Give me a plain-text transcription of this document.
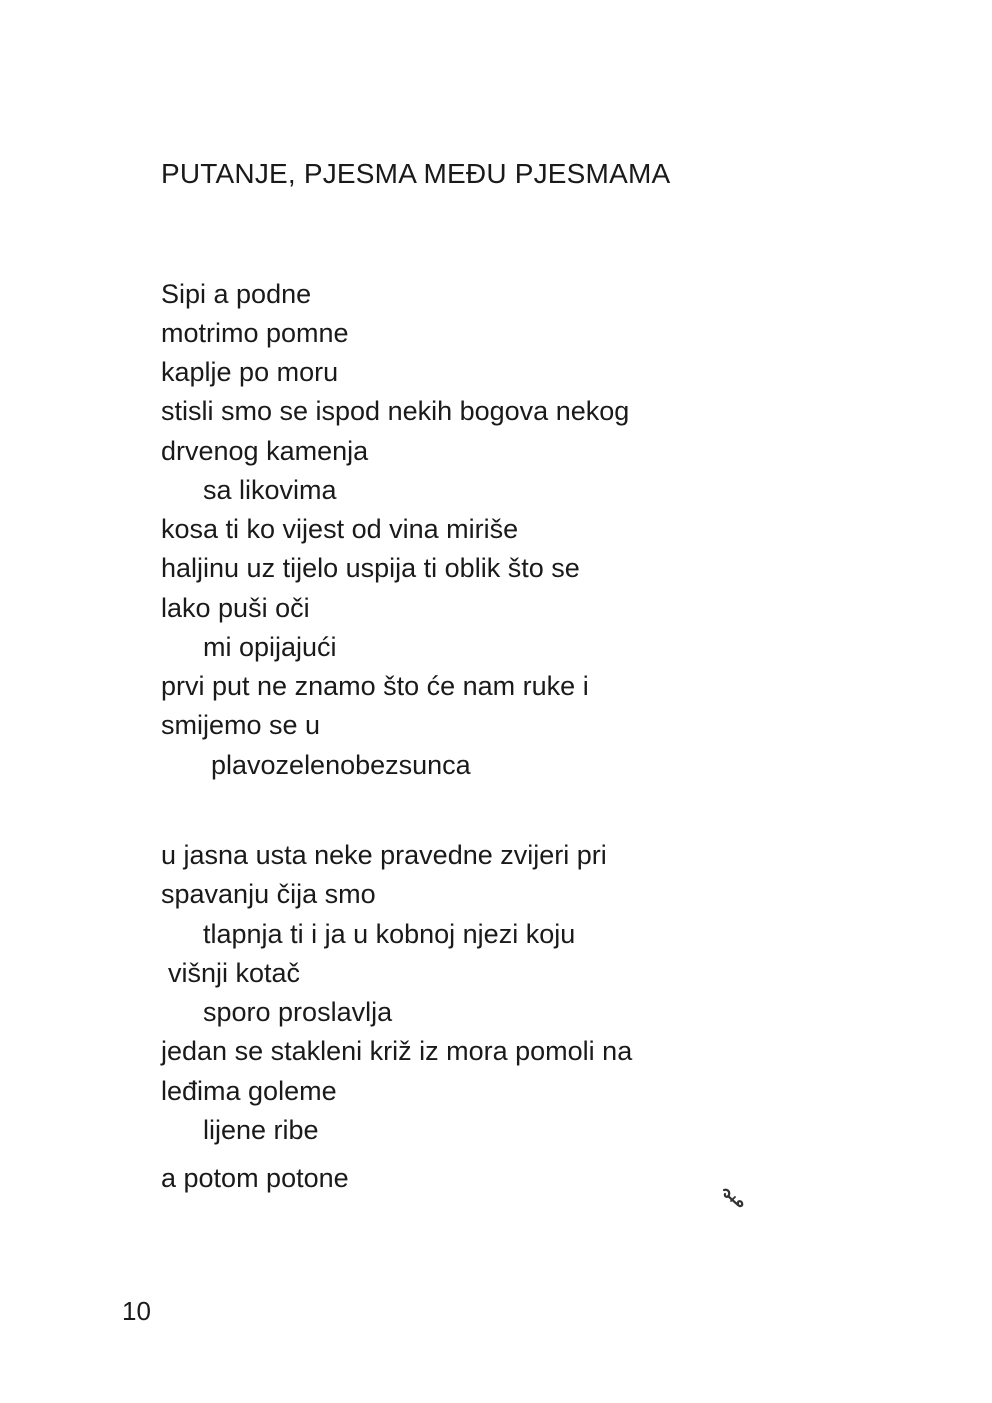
PUTANJE, PJESMA MEĐU PJESMAMA
Sipi a podne
motrimo pomne
kaplje po moru
stisli smo se ispod nekih bogova nekog
drvenog kamenja
sa likovima
kosa ti ko vijest od vina miriše
haljinu uz tijelo uspija ti oblik što se
lako puši oči
mi opijajući
prvi put ne znamo što će nam ruke i
smijemo se u
plavozelenobezsunca
u jasna usta neke pravedne zvijeri pri
spavanju čija smo
tlapnja ti i ja u kobnoj njezi koju
višnji kotač
sporo proslavlja
jedan se stakleni križ iz mora pomoli na
leđima goleme
lijene ribe
a potom potone
10
